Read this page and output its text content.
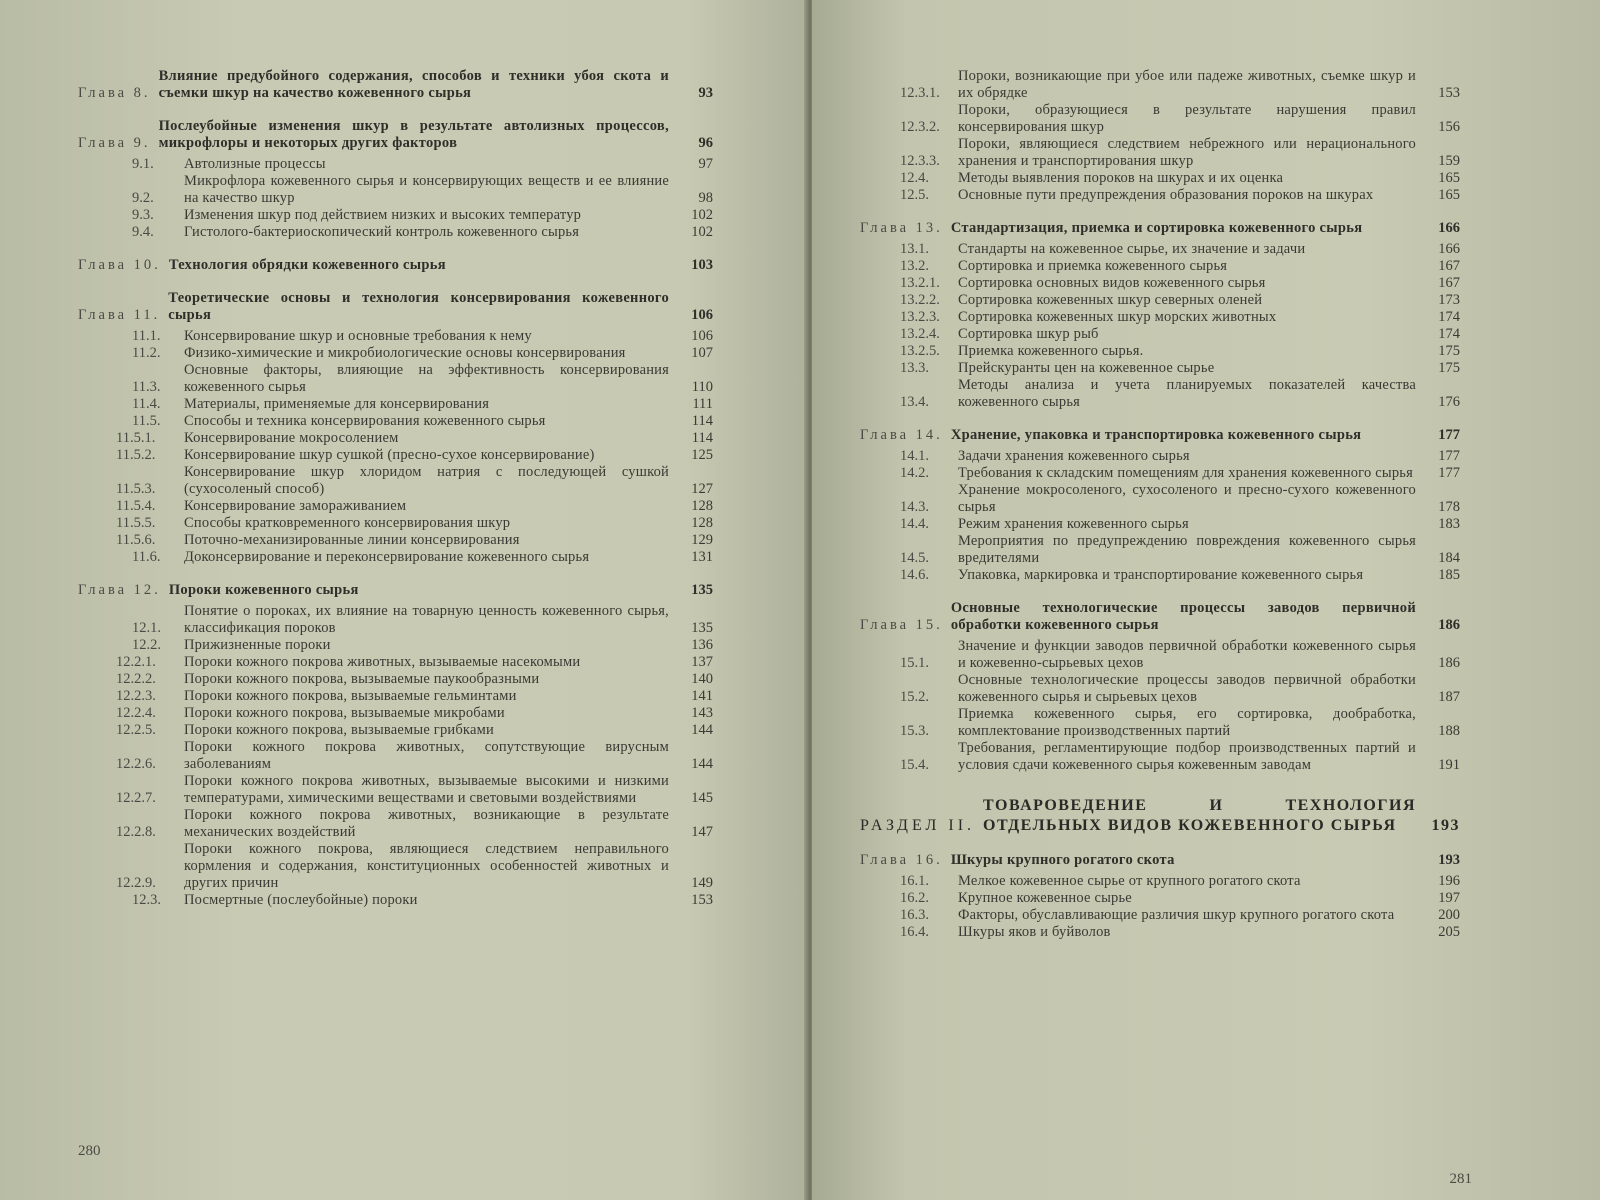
Глава 8.
Влияние предубойного содержания, способов и техники убоя скота и съемки шкур на качество кожевенного сырья	93
Глава 9.
Послеубойные изменения шкур в результате автолизных процессов, микрофлоры и некоторых других факторов	96
9.1.	Автолизные процессы	97
9.2.
Микрофлора кожевенного сырья и консервирующих веществ и ее влияние на качество шкур	98
9.3.	Изменения шкур под действием низких и высоких температур	102
9.4.	Гистолого-бактериоскопический контроль кожевенного сырья	102
Глава 10. Технология обрядки кожевенного сырья	103
Глава 11.
Теоретические основы и технология консервирования кожевенного сырья	106
11.1.	Консервирование шкур и основные требования к нему	106
11.2.	Физико-химические и микробиологические основы консервирования	107
11.3.
Основные факторы, влияющие на эффективность консервирования кожевенного сырья	110
11.4.	Материалы, применяемые для консервирования	111
11.5.	Способы и техника консервирования кожевенного сырья	114
11.5.1.	Консервирование мокросолением	114
11.5.2.	Консервирование шкур сушкой (пресно-сухое консервирование)	125
11.5.3.
Консервирование шкур хлоридом натрия с последующей сушкой (сухосоленый способ)	127
11.5.4.	Консервирование замораживанием	128
11.5.5.	Способы кратковременного консервирования шкур	128
11.5.6.	Поточно-механизированные линии консервирования	129
11.6.	Доконсервирование и переконсервирование кожевенного сырья	131
Глава 12. Пороки кожевенного сырья	135
12.1.
Понятие о пороках, их влияние на товарную ценность кожевенного сырья, классификация пороков	135
12.2.	Прижизненные пороки	136
12.2.1.	Пороки кожного покрова животных, вызываемые насекомыми	137
12.2.2.	Пороки кожного покрова, вызываемые паукообразными	140
12.2.3.	Пороки кожного покрова, вызываемые гельминтами	141
12.2.4.	Пороки кожного покрова, вызываемые микробами	143
12.2.5.	Пороки кожного покрова, вызываемые грибками	144
12.2.6.
Пороки кожного покрова животных, сопутствующие вирусным заболеваниям	144
12.2.7.
Пороки кожного покрова животных, вызываемые высокими и низкими температурами, химическими веществами и световыми воздействиями	145
12.2.8.
Пороки кожного покрова животных, возникающие в результате механических воздействий	147
12.2.9.
Пороки кожного покрова, являющиеся следствием неправильного кормления и содержания, конституционных особенностей животных и других причин	149
12.3.	Посмертные (послеубойные) пороки	153
280
12.3.1.
Пороки, возникающие при убое или падеже животных, съемке шкур и их обрядке	153
12.3.2.
Пороки, образующиеся в результате нарушения правил консервирования шкур	156
12.3.3.
Пороки, являющиеся следствием небрежного или нерационального хранения и транспортирования шкур	159
12.4.	Методы выявления пороков на шкурах и их оценка	165
12.5.	Основные пути предупреждения образования пороков на шкурах	165
Глава 13. Стандартизация, приемка и сортировка кожевенного сырья	166
13.1.	Стандарты на кожевенное сырье, их значение и задачи	166
13.2.	Сортировка и приемка кожевенного сырья	167
13.2.1.	Сортировка основных видов кожевенного сырья	167
13.2.2.	Сортировка кожевенных шкур северных оленей	173
13.2.3.	Сортировка кожевенных шкур морских животных	174
13.2.4.	Сортировка шкур рыб	174
13.2.5.	Приемка кожевенного сырья.	175
13.3.	Прейскуранты цен на кожевенное сырье	175
13.4.
Методы анализа и учета планируемых показателей качества кожевенного сырья	176
Глава 14. Хранение, упаковка и транспортировка кожевенного сырья	177
14.1.	Задачи хранения кожевенного сырья	177
14.2.	Требования к складским помещениям для хранения кожевенного сырья	177
14.3.
Хранение мокросоленого, сухосоленого и пресно-сухого кожевенного сырья	178
14.4.	Режим хранения кожевенного сырья	183
14.5.
Мероприятия по предупреждению повреждения кожевенного сырья вредителями	184
14.6.	Упаковка, маркировка и транспортирование кожевенного сырья	185
Глава 15.
Основные технологические процессы заводов первичной обработки кожевенного сырья	186
15.1.
Значение и функции заводов первичной обработки кожевенного сырья и кожевенно-сырьевых цехов	186
15.2.
Основные технологические процессы заводов первичной обработки кожевенного сырья и сырьевых цехов	187
15.3.
Приемка кожевенного сырья, его сортировка, дообработка, комплектование производственных партий	188
15.4.
Требования, регламентирующие подбор производственных партий и условия сдачи кожевенного сырья кожевенным заводам	191
РАЗДЕЛ II.
ТОВАРОВЕДЕНИЕ И ТЕХНОЛОГИЯ ОТДЕЛЬНЫХ ВИДОВ КОЖЕВЕННОГО СЫРЬЯ	193
Глава 16. Шкуры крупного рогатого скота	193
16.1.	Мелкое кожевенное сырье от крупного рогатого скота	196
16.2.	Крупное кожевенное сырье	197
16.3.	Факторы, обуславливающие различия шкур крупного рогатого скота	200
16.4.	Шкуры яков и буйволов	205
281
